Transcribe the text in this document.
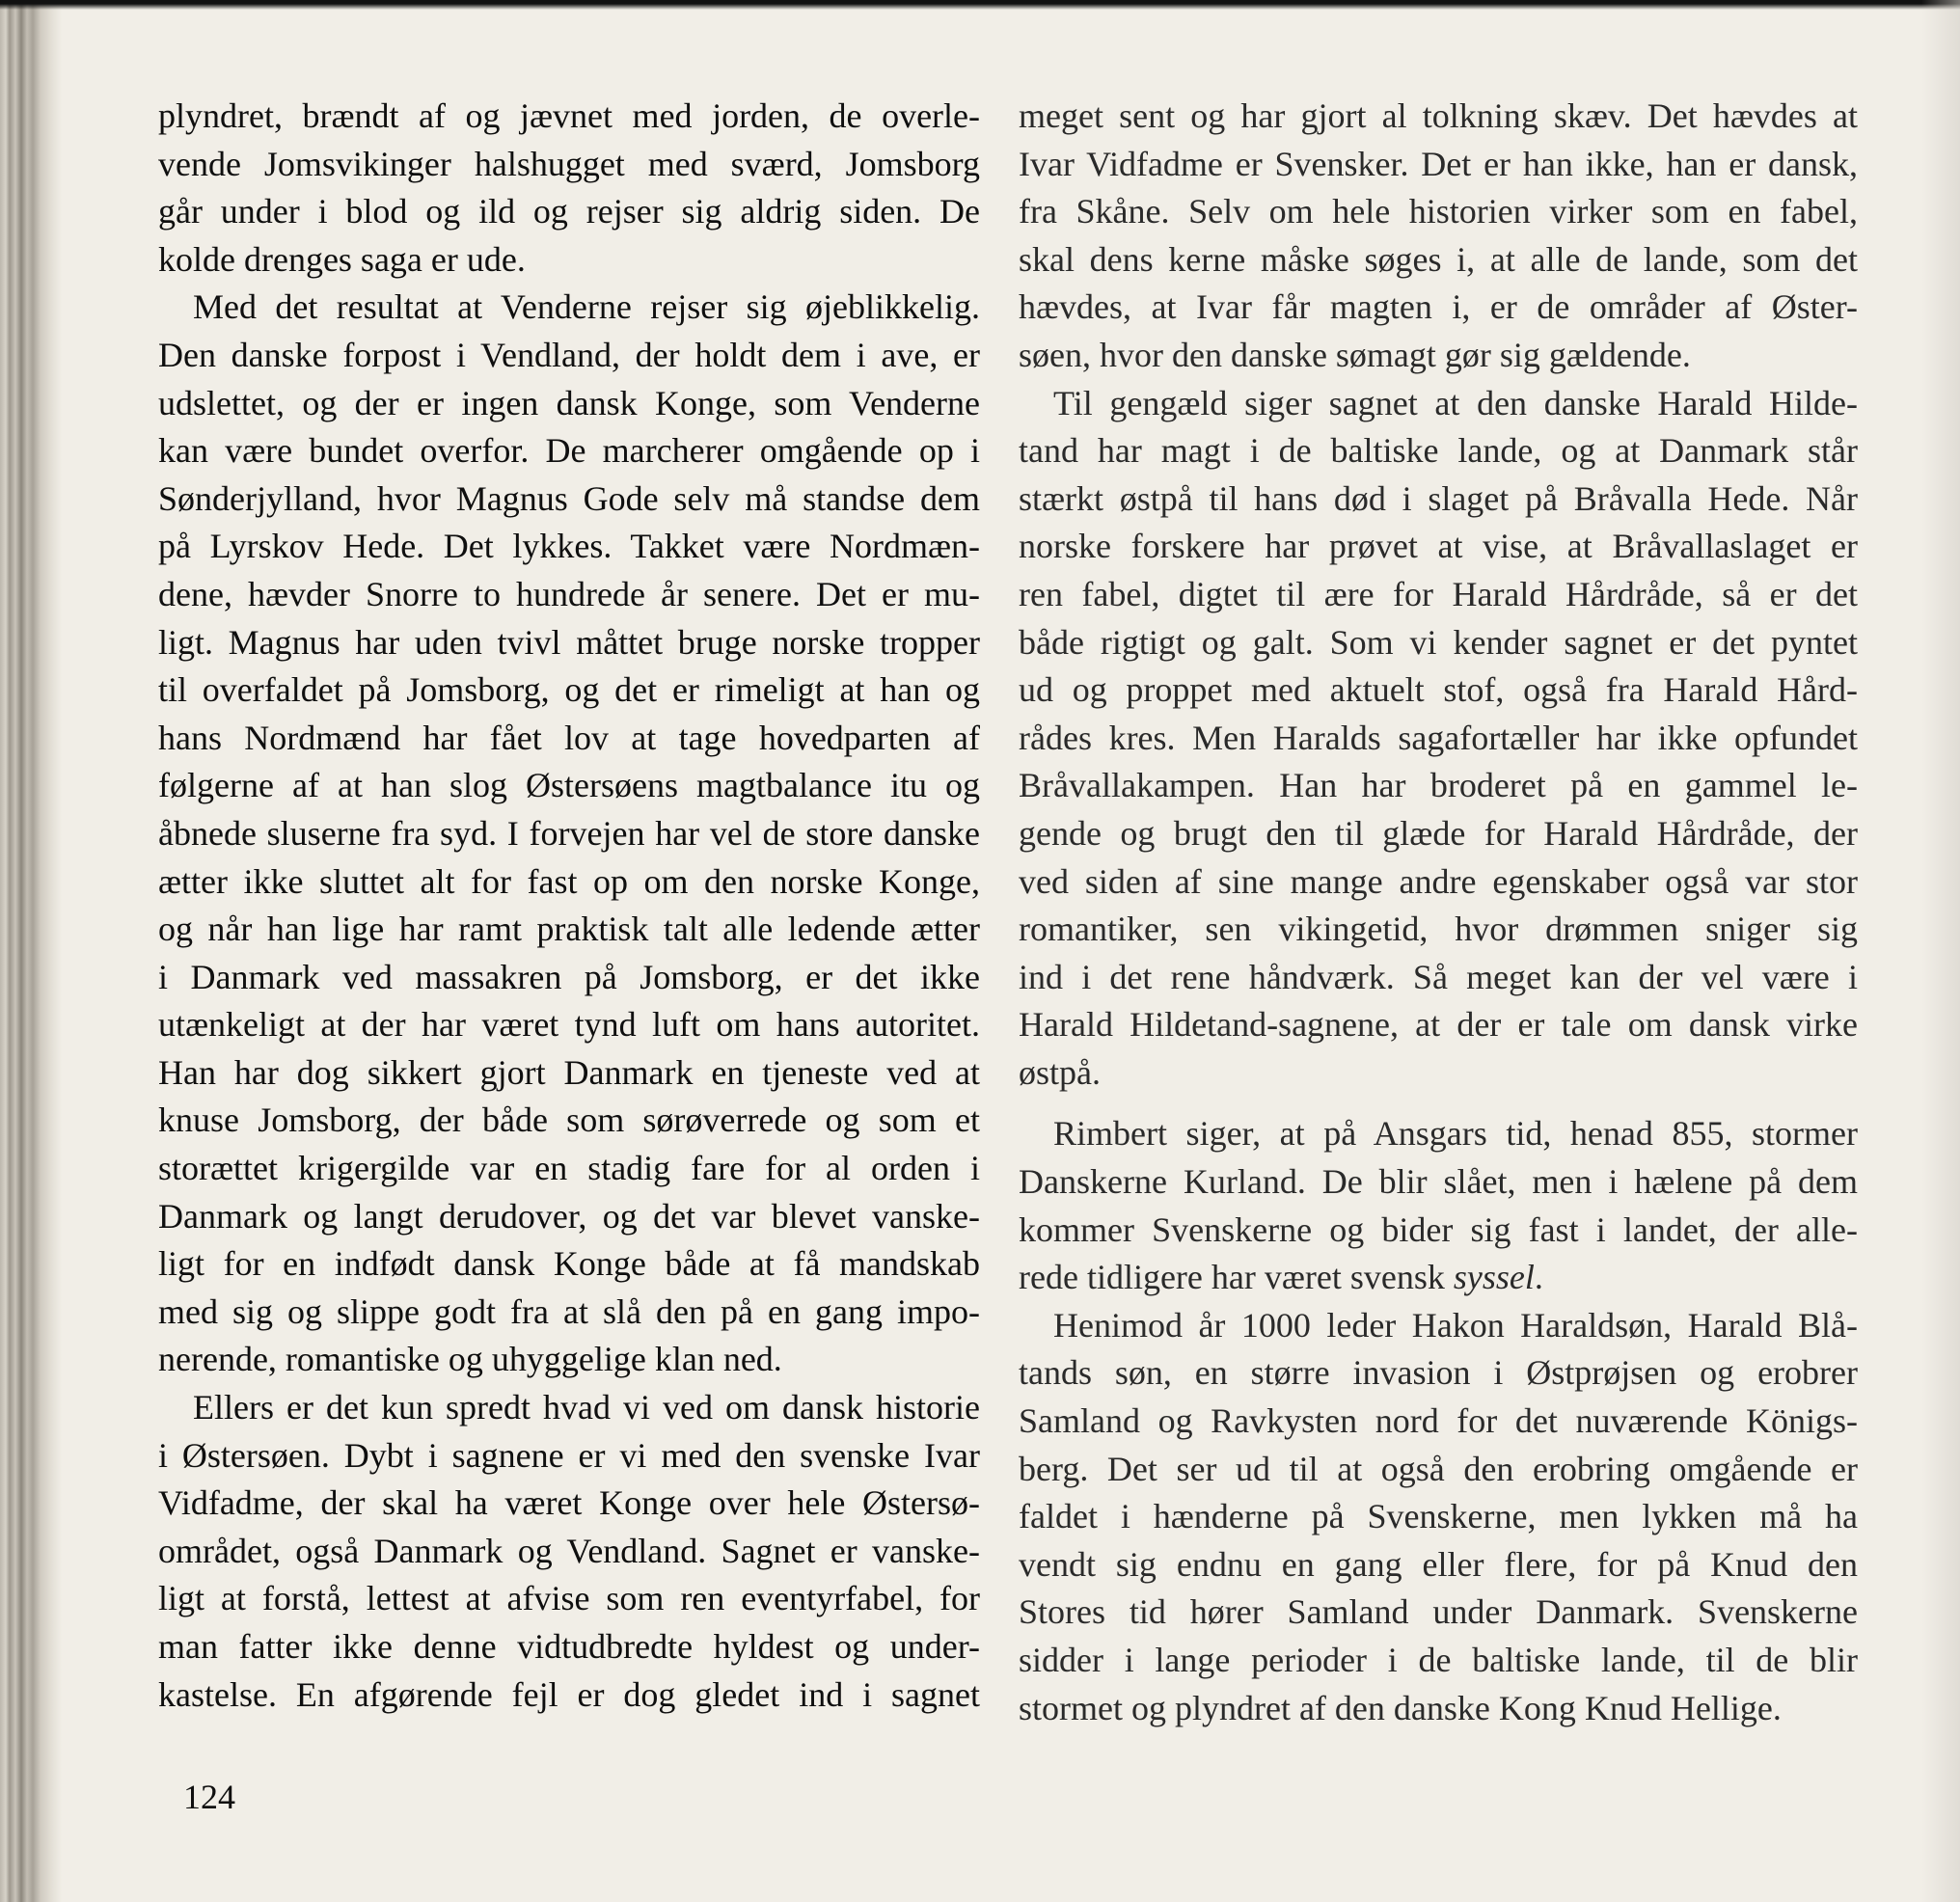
plyndret, brændt af og jævnet med jorden, de overle-
vende Jomsvikinger halshugget med sværd, Jomsborg
går under i blod og ild og rejser sig aldrig siden. De
kolde drenges saga er ude.
Med det resultat at Venderne rejser sig øjeblikkelig.
Den danske forpost i Vendland, der holdt dem i ave, er
udslettet, og der er ingen dansk Konge, som Venderne
kan være bundet overfor. De marcherer omgående op i
Sønderjylland, hvor Magnus Gode selv må standse dem
på Lyrskov Hede. Det lykkes. Takket være Nordmæn-
dene, hævder Snorre to hundrede år senere. Det er mu-
ligt. Magnus har uden tvivl måttet bruge norske tropper
til overfaldet på Jomsborg, og det er rimeligt at han og
hans Nordmænd har fået lov at tage hovedparten af
følgerne af at han slog Østersøens magtbalance itu og
åbnede sluserne fra syd. I forvejen har vel de store danske
ætter ikke sluttet alt for fast op om den norske Konge,
og når han lige har ramt praktisk talt alle ledende ætter
i Danmark ved massakren på Jomsborg, er det ikke
utænkeligt at der har været tynd luft om hans autoritet.
Han har dog sikkert gjort Danmark en tjeneste ved at
knuse Jomsborg, der både som sørøverrede og som et
storættet krigergilde var en stadig fare for al orden i
Danmark og langt derudover, og det var blevet vanske-
ligt for en indfødt dansk Konge både at få mandskab
med sig og slippe godt fra at slå den på en gang impo-
nerende, romantiske og uhyggelige klan ned.
Ellers er det kun spredt hvad vi ved om dansk historie
i Østersøen. Dybt i sagnene er vi med den svenske Ivar
Vidfadme, der skal ha været Konge over hele Østersø-
området, også Danmark og Vendland. Sagnet er vanske-
ligt at forstå, lettest at afvise som ren eventyrfabel, for
man fatter ikke denne vidtudbredte hyldest og under-
kastelse. En afgørende fejl er dog gledet ind i sagnet
meget sent og har gjort al tolkning skæv. Det hævdes at
Ivar Vidfadme er Svensker. Det er han ikke, han er dansk,
fra Skåne. Selv om hele historien virker som en fabel,
skal dens kerne måske søges i, at alle de lande, som det
hævdes, at Ivar får magten i, er de områder af Øster-
søen, hvor den danske sømagt gør sig gældende.
Til gengæld siger sagnet at den danske Harald Hilde-
tand har magt i de baltiske lande, og at Danmark står
stærkt østpå til hans død i slaget på Bråvalla Hede. Når
norske forskere har prøvet at vise, at Bråvallaslaget er
ren fabel, digtet til ære for Harald Hårdråde, så er det
både rigtigt og galt. Som vi kender sagnet er det pyntet
ud og proppet med aktuelt stof, også fra Harald Hård-
rådes kres. Men Haralds sagafortæller har ikke opfundet
Bråvallakampen. Han har broderet på en gammel le-
gende og brugt den til glæde for Harald Hårdråde, der
ved siden af sine mange andre egenskaber også var stor
romantiker, sen vikingetid, hvor drømmen sniger sig
ind i det rene håndværk. Så meget kan der vel være i
Harald Hildetand-sagnene, at der er tale om dansk virke
østpå.
Rimbert siger, at på Ansgars tid, henad 855, stormer
Danskerne Kurland. De blir slået, men i hælene på dem
kommer Svenskerne og bider sig fast i landet, der alle-
rede tidligere har været svensk syssel.
Henimod år 1000 leder Hakon Haraldsøn, Harald Blå-
tands søn, en større invasion i Østprøjsen og erobrer
Samland og Ravkysten nord for det nuværende Königs-
berg. Det ser ud til at også den erobring omgående er
faldet i hænderne på Svenskerne, men lykken må ha
vendt sig endnu en gang eller flere, for på Knud den
Stores tid hører Samland under Danmark. Svenskerne
sidder i lange perioder i de baltiske lande, til de blir
stormet og plyndret af den danske Kong Knud Hellige.
124
